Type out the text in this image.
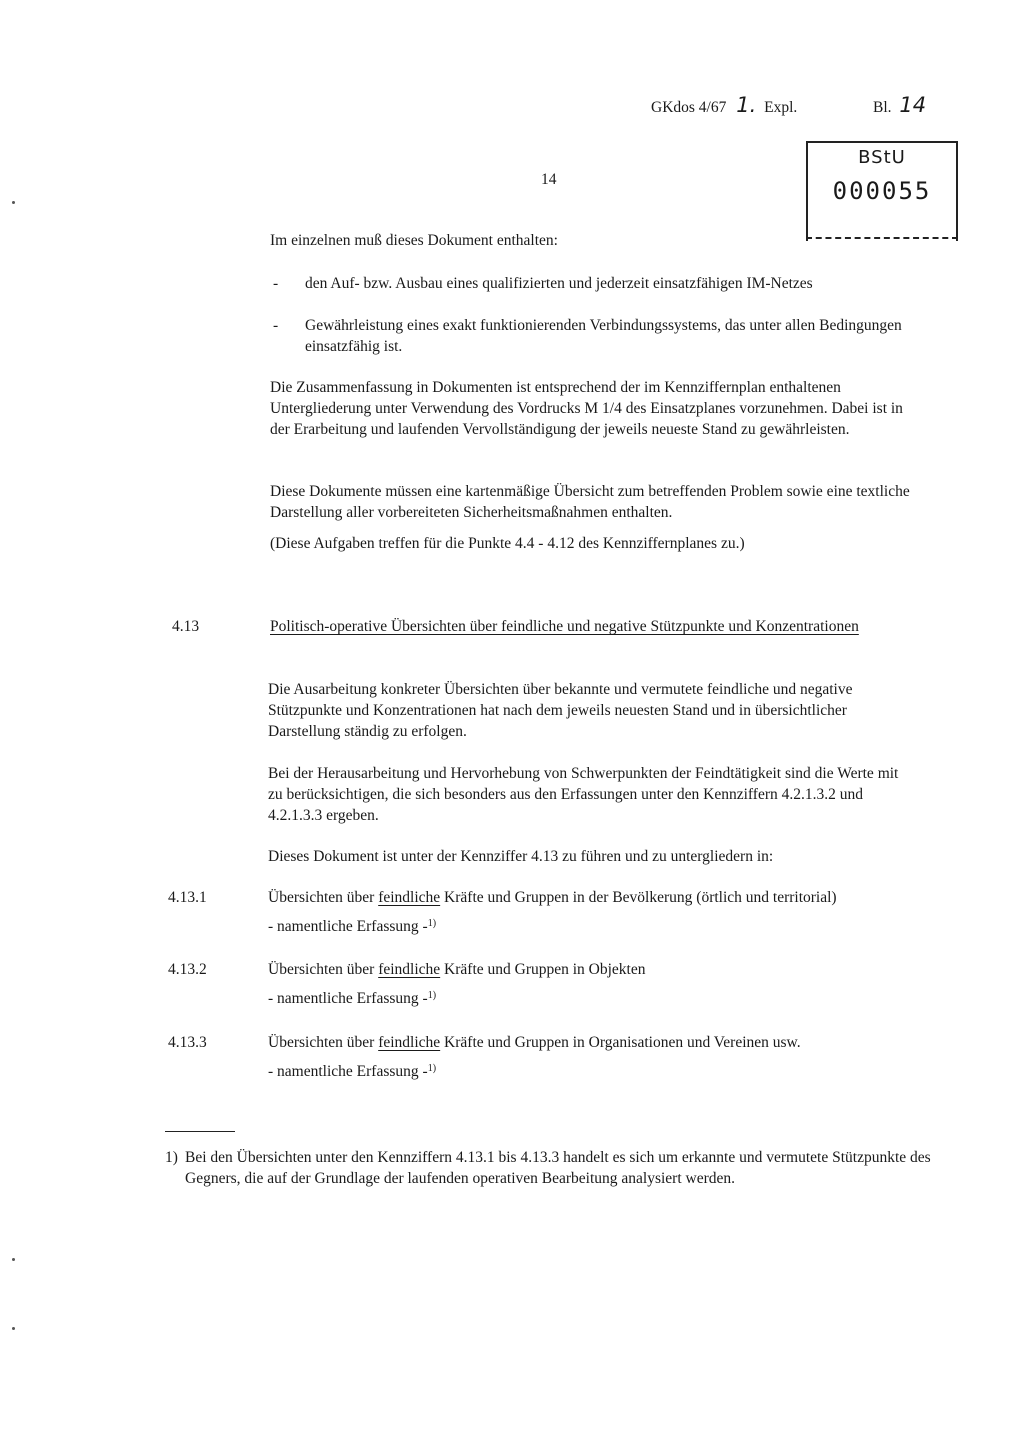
GKdos 4/67 1. Expl.	Bl. 14
BStU
000055
14
Im einzelnen muß dieses Dokument enthalten:
- den Auf- bzw. Ausbau eines qualifizierten und jederzeit einsatzfähigen IM-Netzes
- Gewährleistung eines exakt funktionierenden Verbindungssystems, das unter allen Bedingungen einsatzfähig ist.
Die Zusammenfassung in Dokumenten ist entsprechend der im Kennziffernplan enthaltenen Untergliederung unter Verwendung des Vordrucks M 1/4 des Einsatzplanes vorzunehmen. Dabei ist in der Erarbeitung und laufenden Vervollständigung der jeweils neueste Stand zu gewährleisten.
Diese Dokumente müssen eine kartenmäßige Übersicht zum betreffenden Problem sowie eine textliche Darstellung aller vorbereiteten Sicherheitsmaßnahmen enthalten.
(Diese Aufgaben treffen für die Punkte 4.4 - 4.12 des Kennziffernplanes zu.)
4.13	Politisch-operative Übersichten über feindliche und negative Stützpunkte und Konzentrationen
Die Ausarbeitung konkreter Übersichten über bekannte und vermutete feindliche und negative Stützpunkte und Konzentrationen hat nach dem jeweils neuesten Stand und in übersichtlicher Darstellung ständig zu erfolgen.
Bei der Herausarbeitung und Hervorhebung von Schwerpunkten der Feindtätigkeit sind die Werte mit zu berücksichtigen, die sich besonders aus den Erfassungen unter den Kennziffern 4.2.1.3.2 und 4.2.1.3.3 ergeben.
Dieses Dokument ist unter der Kennziffer 4.13 zu führen und zu untergliedern in:
4.13.1	Übersichten über feindliche Kräfte und Gruppen in der Bevölkerung (örtlich und territorial)
- namentliche Erfassung -$^{1)}$
4.13.2	Übersichten über feindliche Kräfte und Gruppen in Objekten
- namentliche Erfassung -$^{1)}$
4.13.3	Übersichten über feindliche Kräfte und Gruppen in Organisationen und Vereinen usw.
- namentliche Erfassung -$^{1)}$
1) Bei den Übersichten unter den Kennziffern 4.13.1 bis 4.13.3 handelt es sich um erkannte und vermutete Stützpunkte des Gegners, die auf der Grundlage der laufenden operativen Bearbeitung analysiert werden.
